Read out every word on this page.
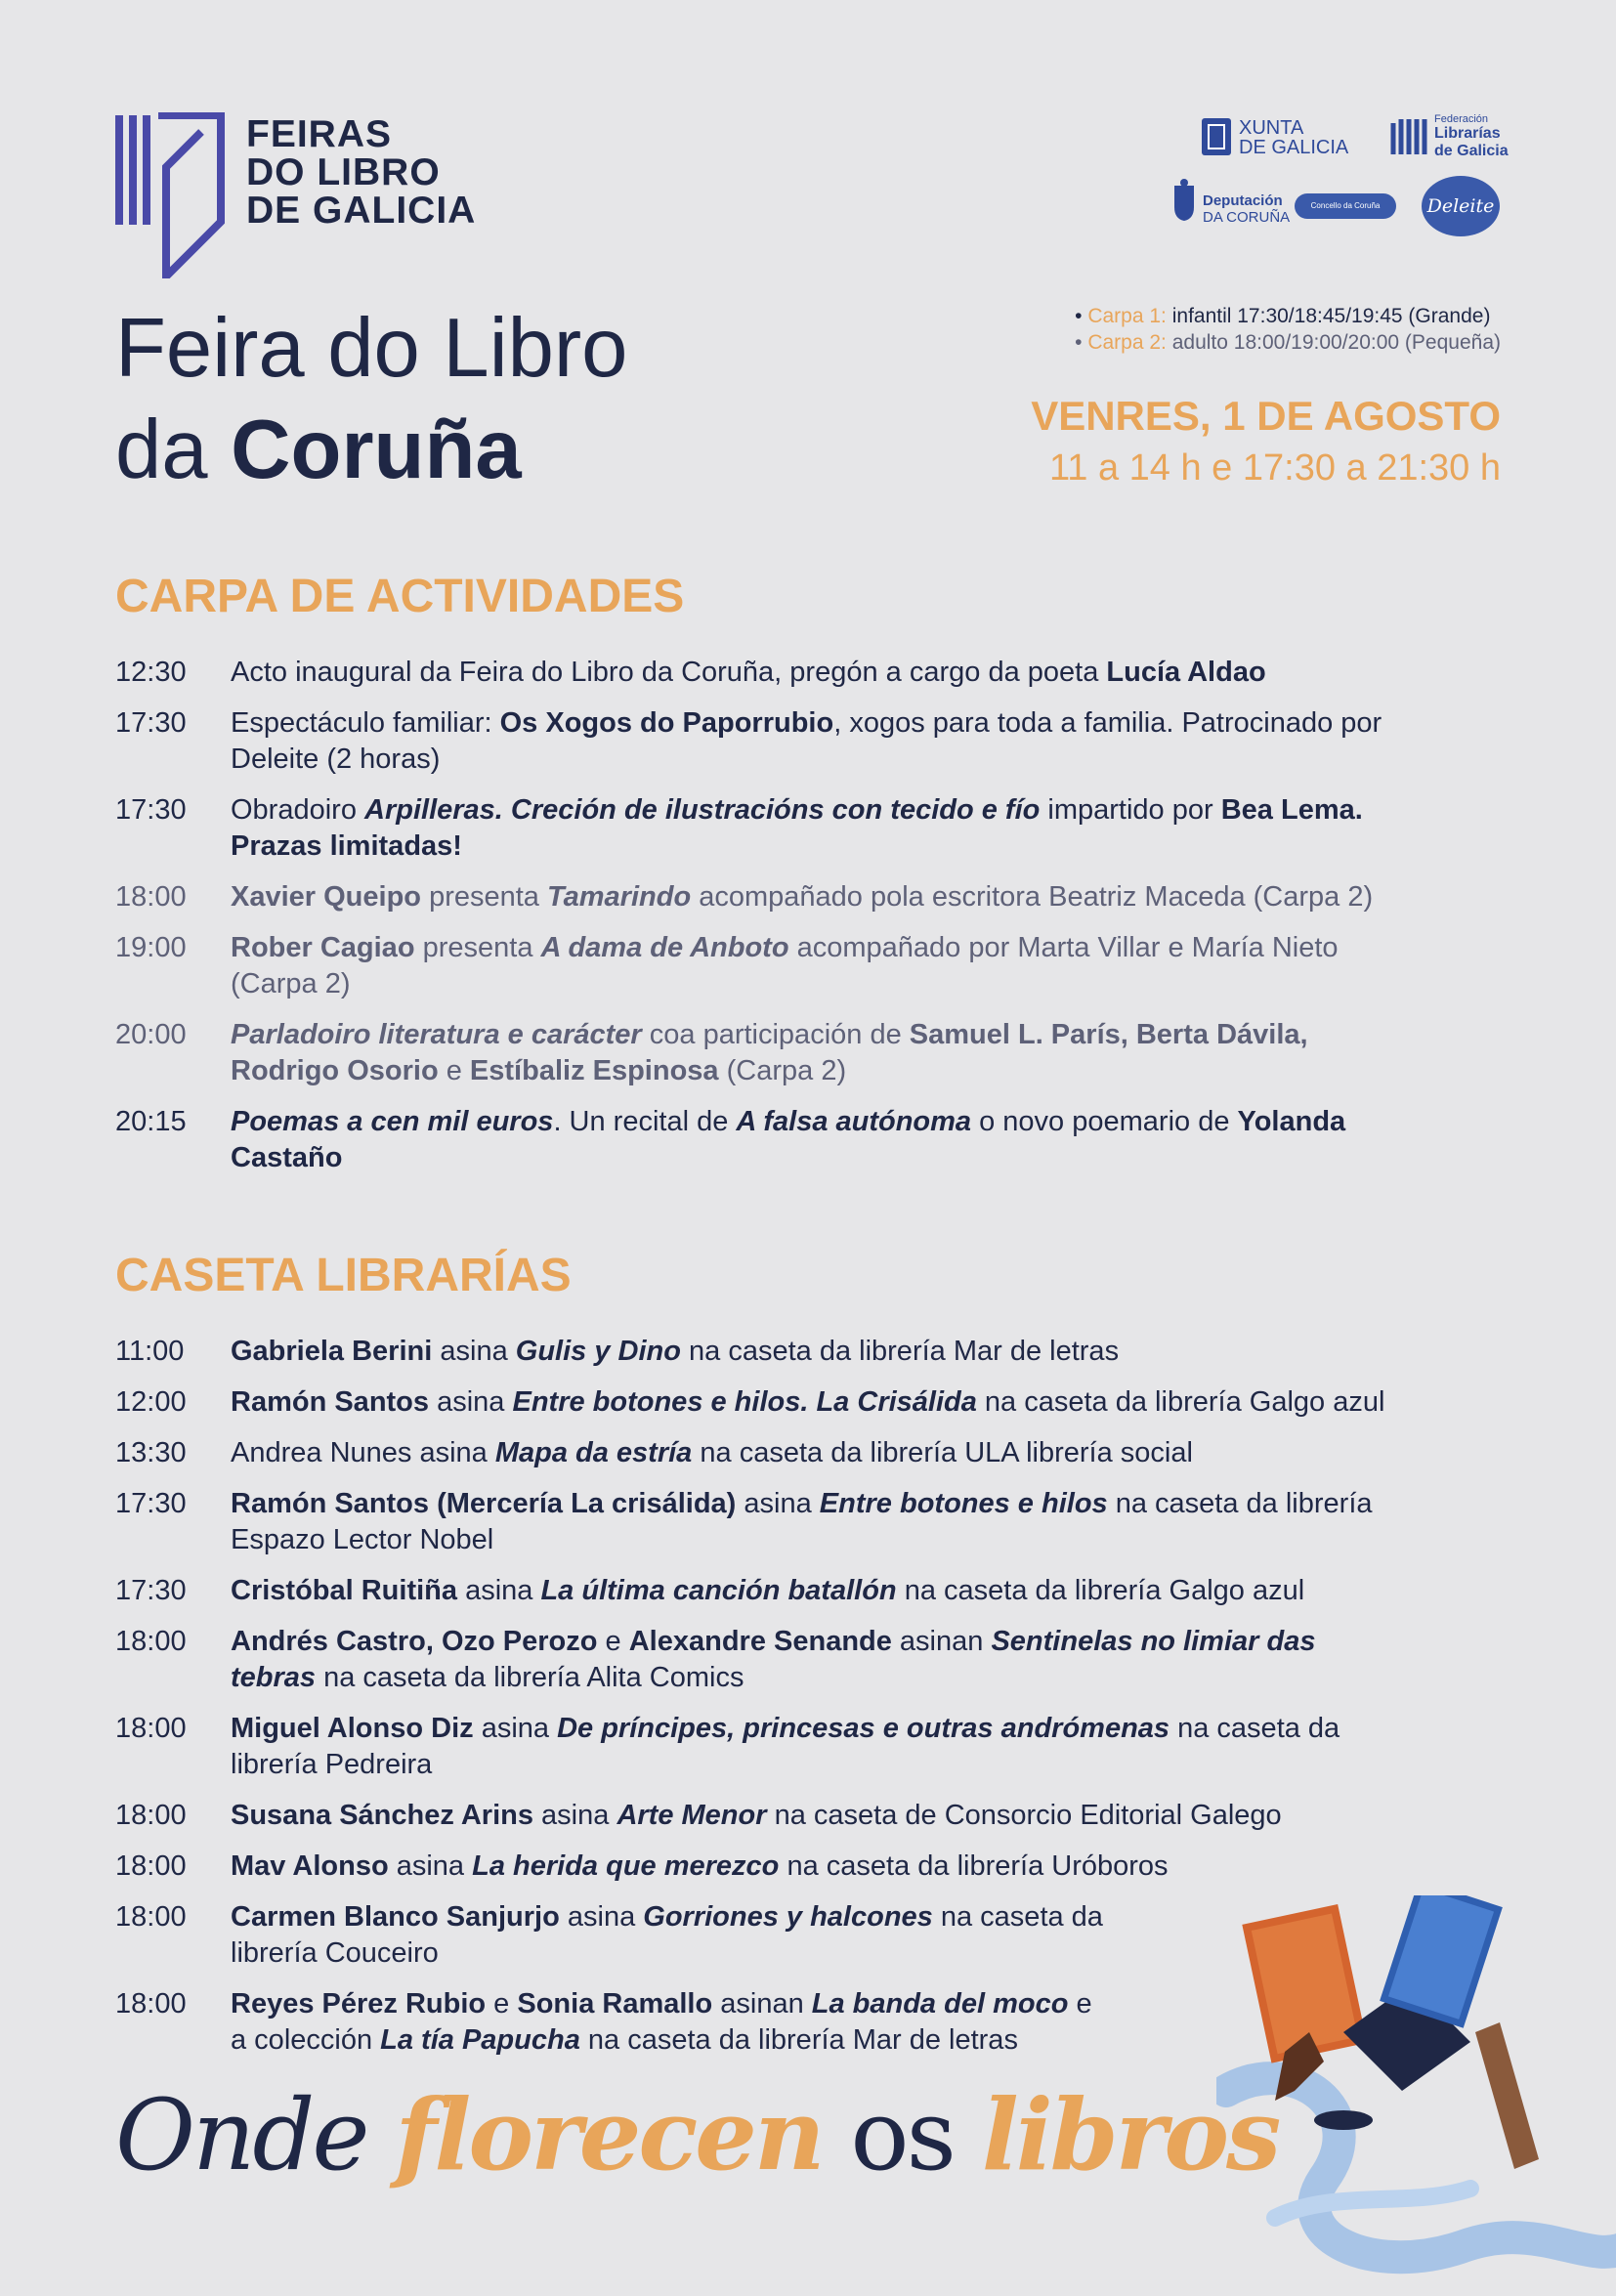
FEIRAS
DO LIBRO
DE GALICIA
XUNTA
DE GALICIA
Federación
Librarías
de Galicia
Deputación
DA CORUÑA
Concello da Coruña	Deleite
Feira do Libro
da Coruña
• Carpa 1: infantil 17:30/18:45/19:45 (Grande)
• Carpa 2: adulto 18:00/19:00/20:00 (Pequeña)
VENRES, 1 DE AGOSTO
11 a 14 h e 17:30 a 21:30 h
CARPA DE ACTIVIDADES
12:30	Acto inaugural da Feira do Libro da Coruña, pregón a cargo da poeta Lucía Aldao
17:30	Espectáculo familiar: Os Xogos do Paporrubio, xogos para toda a familia. Patrocinado por Deleite (2 horas)
17:30	Obradoiro Arpilleras. Creción de ilustracións con tecido e fío impartido por Bea Lema. Prazas limitadas!
18:00	Xavier Queipo presenta Tamarindo acompañado pola escritora Beatriz Maceda (Carpa 2)
19:00	Rober Cagiao presenta A dama de Anboto acompañado por Marta Villar e María Nieto (Carpa 2)
20:00	Parladoiro literatura e carácter coa participación de Samuel L. París, Berta Dávila, Rodrigo Osorio e Estíbaliz Espinosa (Carpa 2)
20:15	Poemas a cen mil euros. Un recital de A falsa autónoma o novo poemario de Yolanda Castaño
CASETA LIBRARÍAS
11:00	Gabriela Berini asina Gulis y Dino na caseta da librería Mar de letras
12:00	Ramón Santos asina Entre botones e hilos. La Crisálida na caseta da librería Galgo azul
13:30	Andrea Nunes asina Mapa da estría na caseta da librería ULA librería social
17:30	Ramón Santos (Mercería La crisálida) asina Entre botones e hilos na caseta da librería Espazo Lector Nobel
17:30	Cristóbal Ruitiña asina La última canción batallón na caseta da librería Galgo azul
18:00	Andrés Castro, Ozo Perozo e Alexandre Senande asinan Sentinelas no limiar das tebras na caseta da librería Alita Comics
18:00	Miguel Alonso Diz asina De príncipes, princesas e outras andrómenas na caseta da librería Pedreira
18:00	Susana Sánchez Arins asina Arte Menor na caseta de Consorcio Editorial Galego
18:00	Mav Alonso asina La herida que merezco na caseta da librería Uróboros
18:00	Carmen Blanco Sanjurjo asina Gorriones y halcones na caseta da librería Couceiro
18:00	Reyes Pérez Rubio e Sonia Ramallo asinan La banda del moco e a colección La tía Papucha na caseta da librería Mar de letras
Onde florecen os libros
